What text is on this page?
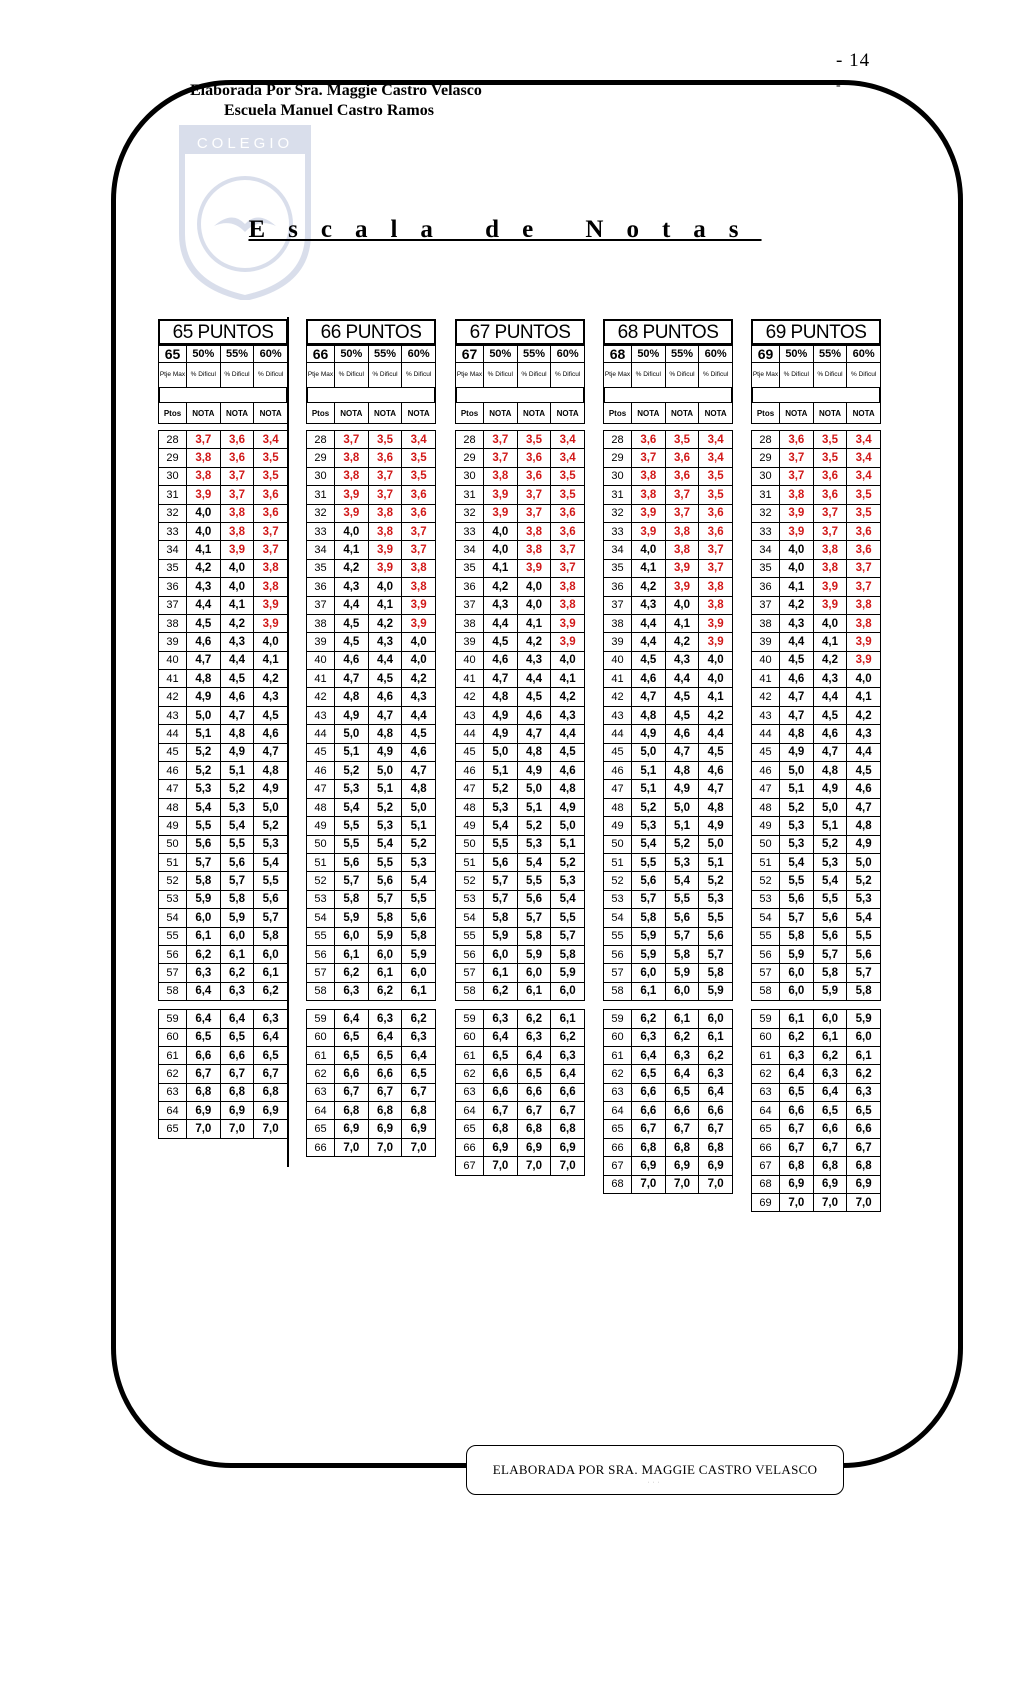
- 14
-
Elaborada Por Sra. Maggie Castro Velasco
Escuela Manuel Castro Ramos
COLEGIO
Escala de Notas
65 PUNTOS
65	50%	55%	60%
Ptje Max	% Dificul	% Dificul	% Dificul
Ptos	NOTA	NOTA	NOTA
28	3,7	3,6	3,4
29	3,8	3,6	3,5
30	3,8	3,7	3,5
31	3,9	3,7	3,6
32	4,0	3,8	3,6
33	4,0	3,8	3,7
34	4,1	3,9	3,7
35	4,2	4,0	3,8
36	4,3	4,0	3,8
37	4,4	4,1	3,9
38	4,5	4,2	3,9
39	4,6	4,3	4,0
40	4,7	4,4	4,1
41	4,8	4,5	4,2
42	4,9	4,6	4,3
43	5,0	4,7	4,5
44	5,1	4,8	4,6
45	5,2	4,9	4,7
46	5,2	5,1	4,8
47	5,3	5,2	4,9
48	5,4	5,3	5,0
49	5,5	5,4	5,2
50	5,6	5,5	5,3
51	5,7	5,6	5,4
52	5,8	5,7	5,5
53	5,9	5,8	5,6
54	6,0	5,9	5,7
55	6,1	6,0	5,8
56	6,2	6,1	6,0
57	6,3	6,2	6,1
58	6,4	6,3	6,2
59	6,4	6,4	6,3
60	6,5	6,5	6,4
61	6,6	6,6	6,5
62	6,7	6,7	6,7
63	6,8	6,8	6,8
64	6,9	6,9	6,9
65	7,0	7,0	7,0
66 PUNTOS
66	50%	55%	60%
Ptje Max	% Dificul	% Dificul	% Dificul
Ptos	NOTA	NOTA	NOTA
28	3,7	3,5	3,4
29	3,8	3,6	3,5
30	3,8	3,7	3,5
31	3,9	3,7	3,6
32	3,9	3,8	3,6
33	4,0	3,8	3,7
34	4,1	3,9	3,7
35	4,2	3,9	3,8
36	4,3	4,0	3,8
37	4,4	4,1	3,9
38	4,5	4,2	3,9
39	4,5	4,3	4,0
40	4,6	4,4	4,0
41	4,7	4,5	4,2
42	4,8	4,6	4,3
43	4,9	4,7	4,4
44	5,0	4,8	4,5
45	5,1	4,9	4,6
46	5,2	5,0	4,7
47	5,3	5,1	4,8
48	5,4	5,2	5,0
49	5,5	5,3	5,1
50	5,5	5,4	5,2
51	5,6	5,5	5,3
52	5,7	5,6	5,4
53	5,8	5,7	5,5
54	5,9	5,8	5,6
55	6,0	5,9	5,8
56	6,1	6,0	5,9
57	6,2	6,1	6,0
58	6,3	6,2	6,1
59	6,4	6,3	6,2
60	6,5	6,4	6,3
61	6,5	6,5	6,4
62	6,6	6,6	6,5
63	6,7	6,7	6,7
64	6,8	6,8	6,8
65	6,9	6,9	6,9
66	7,0	7,0	7,0
67 PUNTOS
67	50%	55%	60%
Ptje Max	% Dificul	% Dificul	% Dificul
Ptos	NOTA	NOTA	NOTA
28	3,7	3,5	3,4
29	3,7	3,6	3,4
30	3,8	3,6	3,5
31	3,9	3,7	3,5
32	3,9	3,7	3,6
33	4,0	3,8	3,6
34	4,0	3,8	3,7
35	4,1	3,9	3,7
36	4,2	4,0	3,8
37	4,3	4,0	3,8
38	4,4	4,1	3,9
39	4,5	4,2	3,9
40	4,6	4,3	4,0
41	4,7	4,4	4,1
42	4,8	4,5	4,2
43	4,9	4,6	4,3
44	4,9	4,7	4,4
45	5,0	4,8	4,5
46	5,1	4,9	4,6
47	5,2	5,0	4,8
48	5,3	5,1	4,9
49	5,4	5,2	5,0
50	5,5	5,3	5,1
51	5,6	5,4	5,2
52	5,7	5,5	5,3
53	5,7	5,6	5,4
54	5,8	5,7	5,5
55	5,9	5,8	5,7
56	6,0	5,9	5,8
57	6,1	6,0	5,9
58	6,2	6,1	6,0
59	6,3	6,2	6,1
60	6,4	6,3	6,2
61	6,5	6,4	6,3
62	6,6	6,5	6,4
63	6,6	6,6	6,6
64	6,7	6,7	6,7
65	6,8	6,8	6,8
66	6,9	6,9	6,9
67	7,0	7,0	7,0
68 PUNTOS
68	50%	55%	60%
Ptje Max	% Dificul	% Dificul	% Dificul
Ptos	NOTA	NOTA	NOTA
28	3,6	3,5	3,4
29	3,7	3,6	3,4
30	3,8	3,6	3,5
31	3,8	3,7	3,5
32	3,9	3,7	3,6
33	3,9	3,8	3,6
34	4,0	3,8	3,7
35	4,1	3,9	3,7
36	4,2	3,9	3,8
37	4,3	4,0	3,8
38	4,4	4,1	3,9
39	4,4	4,2	3,9
40	4,5	4,3	4,0
41	4,6	4,4	4,0
42	4,7	4,5	4,1
43	4,8	4,5	4,2
44	4,9	4,6	4,4
45	5,0	4,7	4,5
46	5,1	4,8	4,6
47	5,1	4,9	4,7
48	5,2	5,0	4,8
49	5,3	5,1	4,9
50	5,4	5,2	5,0
51	5,5	5,3	5,1
52	5,6	5,4	5,2
53	5,7	5,5	5,3
54	5,8	5,6	5,5
55	5,9	5,7	5,6
56	5,9	5,8	5,7
57	6,0	5,9	5,8
58	6,1	6,0	5,9
59	6,2	6,1	6,0
60	6,3	6,2	6,1
61	6,4	6,3	6,2
62	6,5	6,4	6,3
63	6,6	6,5	6,4
64	6,6	6,6	6,6
65	6,7	6,7	6,7
66	6,8	6,8	6,8
67	6,9	6,9	6,9
68	7,0	7,0	7,0
69 PUNTOS
69	50%	55%	60%
Ptje Max	% Dificul	% Dificul	% Dificul
Ptos	NOTA	NOTA	NOTA
28	3,6	3,5	3,4
29	3,7	3,5	3,4
30	3,7	3,6	3,4
31	3,8	3,6	3,5
32	3,9	3,7	3,5
33	3,9	3,7	3,6
34	4,0	3,8	3,6
35	4,0	3,8	3,7
36	4,1	3,9	3,7
37	4,2	3,9	3,8
38	4,3	4,0	3,8
39	4,4	4,1	3,9
40	4,5	4,2	3,9
41	4,6	4,3	4,0
42	4,7	4,4	4,1
43	4,7	4,5	4,2
44	4,8	4,6	4,3
45	4,9	4,7	4,4
46	5,0	4,8	4,5
47	5,1	4,9	4,6
48	5,2	5,0	4,7
49	5,3	5,1	4,8
50	5,3	5,2	4,9
51	5,4	5,3	5,0
52	5,5	5,4	5,2
53	5,6	5,5	5,3
54	5,7	5,6	5,4
55	5,8	5,6	5,5
56	5,9	5,7	5,6
57	6,0	5,8	5,7
58	6,0	5,9	5,8
59	6,1	6,0	5,9
60	6,2	6,1	6,0
61	6,3	6,2	6,1
62	6,4	6,3	6,2
63	6,5	6,4	6,3
64	6,6	6,5	6,5
65	6,7	6,6	6,6
66	6,7	6,7	6,7
67	6,8	6,8	6,8
68	6,9	6,9	6,9
69	7,0	7,0	7,0
ELABORADA POR SRA. MAGGIE CASTRO VELASCO
···
